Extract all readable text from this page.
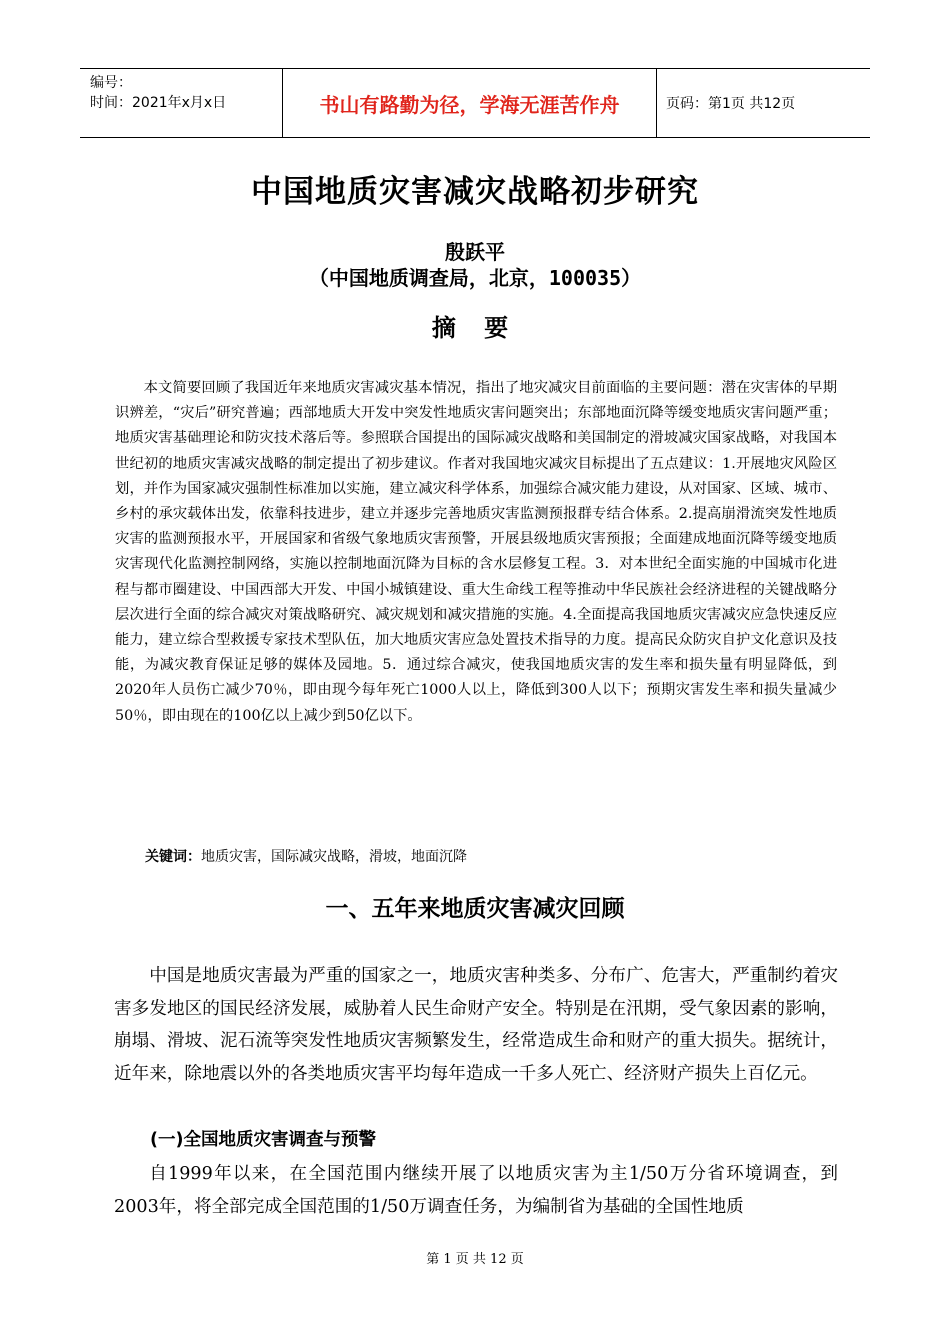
编号：
时间：2021年x月x日	书山有路勤为径，学海无涯苦作舟	页码：第1页 共12页
中国地质灾害减灾战略初步研究
殷跃平
（中国地质调查局，北京，100035）
摘 要

本文简要回顾了我国近年来地质灾害减灾基本情况，指出了地灾减灾目前面临的主要问题：潜在灾害体的早期识辨差，“灾后”研究普遍；西部地质大开发中突发性地质灾害问题突出；东部地面沉降等缓变地质灾害问题严重；地质灾害基础理论和防灾技术落后等。参照联合国提出的国际减灾战略和美国制定的滑坡减灾国家战略，对我国本世纪初的地质灾害减灾战略的制定提出了初步建议。作者对我国地灾减灾目标提出了五点建议：1.开展地灾风险区划，并作为国家减灾强制性标准加以实施，建立减灾科学体系，加强综合减灾能力建设，从对国家、区域、城市、乡村的承灾载体出发，依靠科技进步，建立并逐步完善地质灾害监测预报群专结合体系。2.提高崩滑流突发性地质灾害的监测预报水平，开展国家和省级气象地质灾害预警，开展县级地质灾害预报；全面建成地面沉降等缓变地质灾害现代化监测控制网络，实施以控制地面沉降为目标的含水层修复工程。3．对本世纪全面实施的中国城市化进程与都市圈建设、中国西部大开发、中国小城镇建设、重大生命线工程等推动中华民族社会经济进程的关键战略分层次进行全面的综合减灾对策战略研究、减灾规划和减灾措施的实施。4.全面提高我国地质灾害减灾应急快速反应能力，建立综合型救援专家技术型队伍，加大地质灾害应急处置技术指导的力度。提高民众防灾自护文化意识及技能，为减灾教育保证足够的媒体及园地。5．通过综合减灾，使我国地质灾害的发生率和损失量有明显降低，到2020年人员伤亡减少70％，即由现今每年死亡1000人以上，降低到300人以下；预期灾害发生率和损失量减少50％，即由现在的100亿以上减少到50亿以下。

关键词：地质灾害，国际减灾战略，滑坡，地面沉降
一、五年来地质灾害减灾回顾

中国是地质灾害最为严重的国家之一，地质灾害种类多、分布广、危害大，严重制约着灾害多发地区的国民经济发展，威胁着人民生命财产安全。特别是在汛期，受气象因素的影响，崩塌、滑坡、泥石流等突发性地质灾害频繁发生，经常造成生命和财产的重大损失。据统计，近年来，除地震以外的各类地质灾害平均每年造成一千多人死亡、经济财产损失上百亿元。

(一)全国地质灾害调查与预警

自1999年以来，在全国范围内继续开展了以地质灾害为主1/50万分省环境调查，到2003年，将全部完成全国范围的1/50万调查任务，为编制省为基础的全国性地质

第 1 页 共 12 页
